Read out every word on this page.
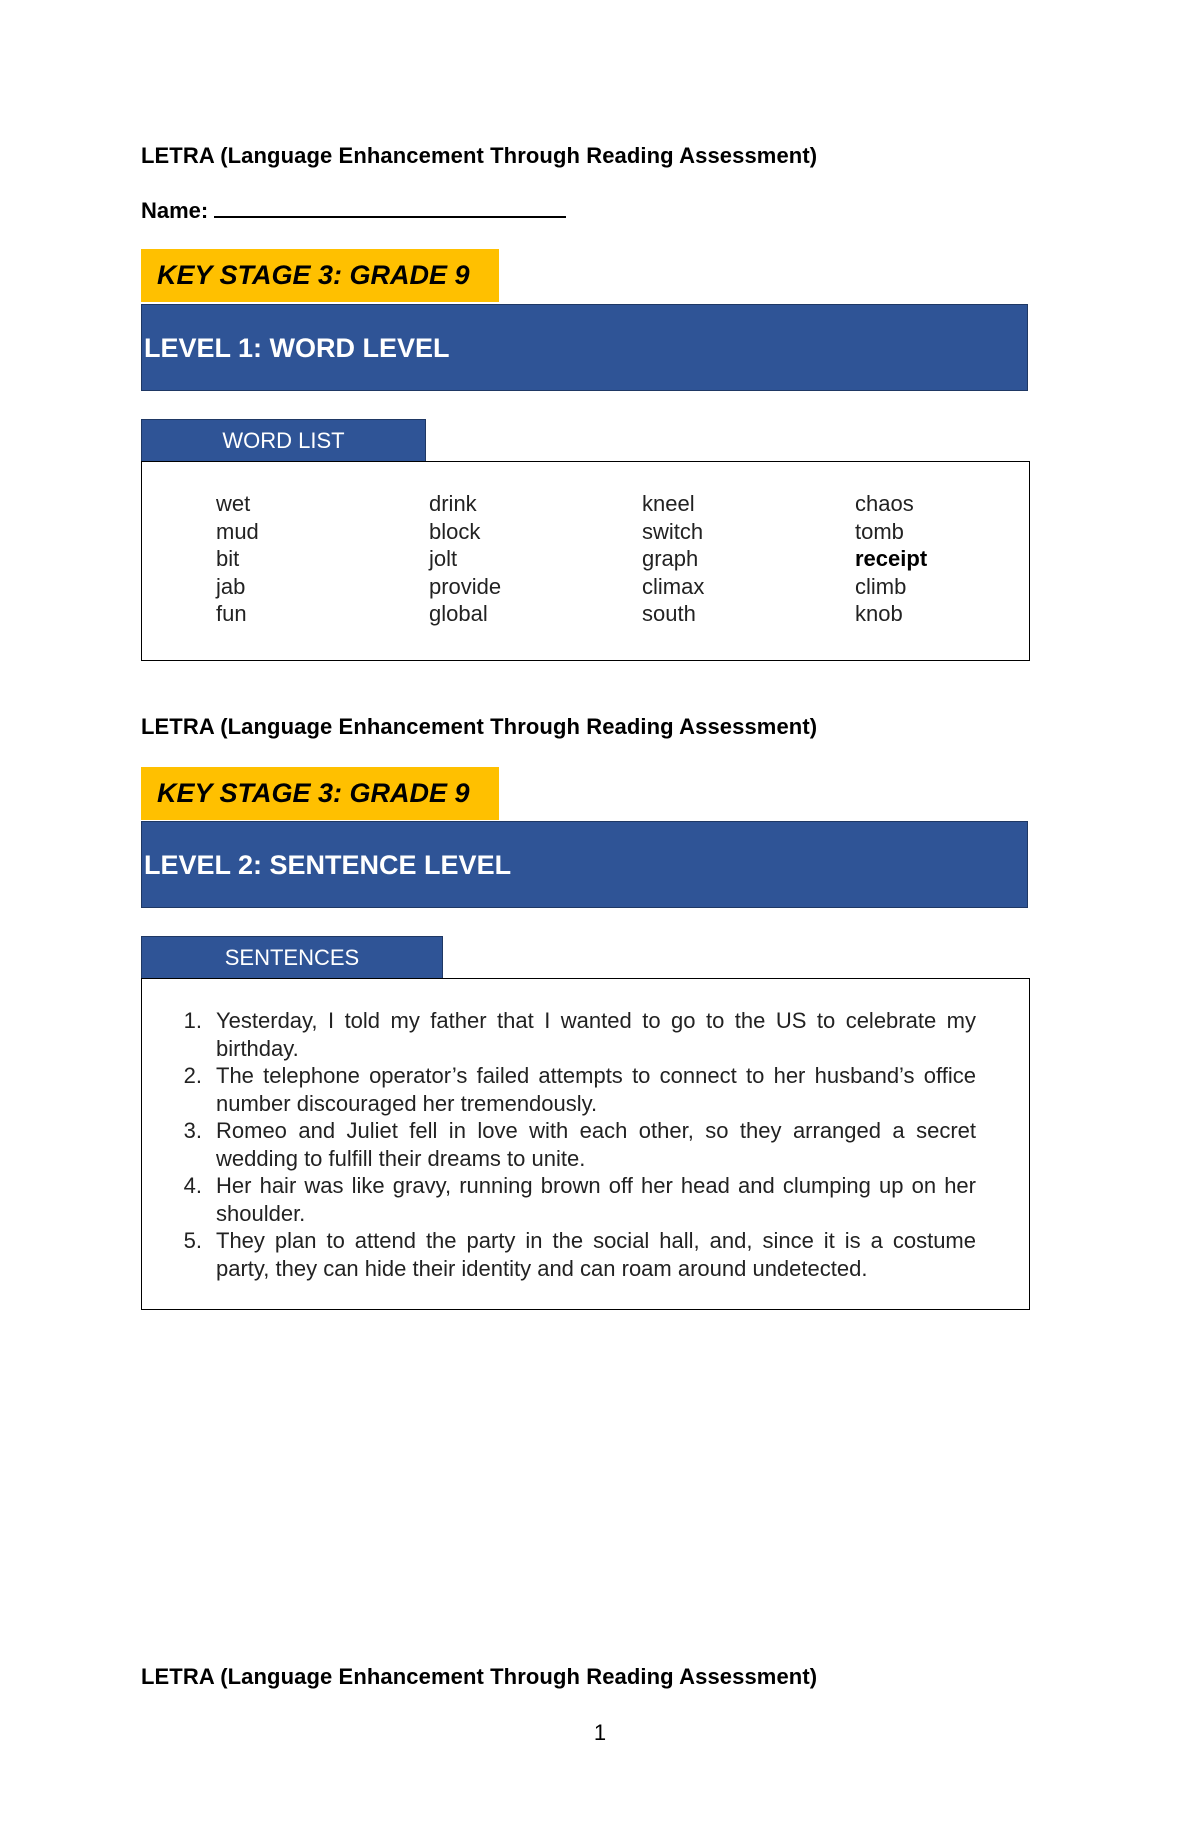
LETRA (Language Enhancement Through Reading Assessment)
Name:
KEY STAGE 3: GRADE 9
LEVEL 1: WORD LEVEL
WORD LIST
wet
mud
bit
jab
fun
drink
block
jolt
provide
global
kneel
switch
graph
climax
south
chaos
tomb
receipt
climb
knob
LETRA (Language Enhancement Through Reading Assessment)
KEY STAGE 3: GRADE 9
LEVEL 2: SENTENCE LEVEL
SENTENCES
1. Yesterday, I told my father that I wanted to go to the US to celebrate my birthday.
2. The telephone operator’s failed attempts to connect to her husband’s office number discouraged her tremendously.
3. Romeo and Juliet fell in love with each other, so they arranged a secret wedding to fulfill their dreams to unite.
4. Her hair was like gravy, running brown off her head and clumping up on her shoulder.
5. They plan to attend the party in the social hall, and, since it is a costume party, they can hide their identity and can roam around undetected.
LETRA (Language Enhancement Through Reading Assessment)
1
